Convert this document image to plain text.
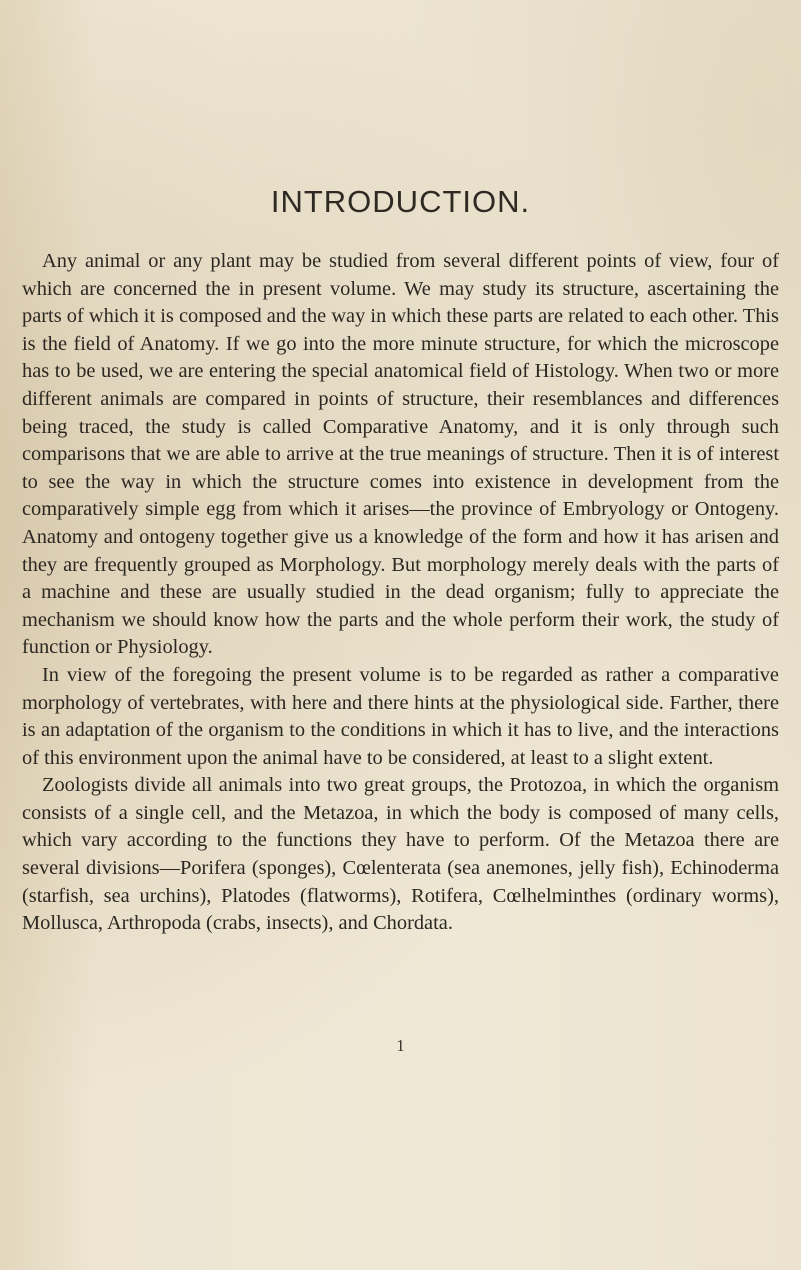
INTRODUCTION.

Any animal or any plant may be studied from several different points of view, four of which are concerned the in present volume. We may study its structure, ascertaining the parts of which it is composed and the way in which these parts are related to each other. This is the field of Anatomy. If we go into the more minute structure, for which the microscope has to be used, we are entering the special anatomical field of Histology. When two or more different animals are compared in points of structure, their resemblances and differences being traced, the study is called Comparative Anatomy, and it is only through such comparisons that we are able to arrive at the true meanings of structure. Then it is of interest to see the way in which the structure comes into existence in development from the comparatively simple egg from which it arises—the province of Embryology or Ontogeny. Anatomy and ontogeny together give us a knowledge of the form and how it has arisen and they are frequently grouped as Morphology. But morphology merely deals with the parts of a machine and these are usually studied in the dead organism; fully to appreciate the mechanism we should know how the parts and the whole perform their work, the study of function or Physiology.

In view of the foregoing the present volume is to be regarded as rather a comparative morphology of vertebrates, with here and there hints at the physiological side. Farther, there is an adaptation of the organism to the conditions in which it has to live, and the interactions of this environment upon the animal have to be considered, at least to a slight extent.

Zoologists divide all animals into two great groups, the Protozoa, in which the organism consists of a single cell, and the Metazoa, in which the body is composed of many cells, which vary according to the functions they have to perform. Of the Metazoa there are several divisions—Porifera (sponges), Cœlenterata (sea anemones, jelly fish), Echinoderma (starfish, sea urchins), Platodes (flatworms), Rotifera, Cœlhelminthes (ordinary worms), Mollusca, Arthropoda (crabs, insects), and Chordata.

1
